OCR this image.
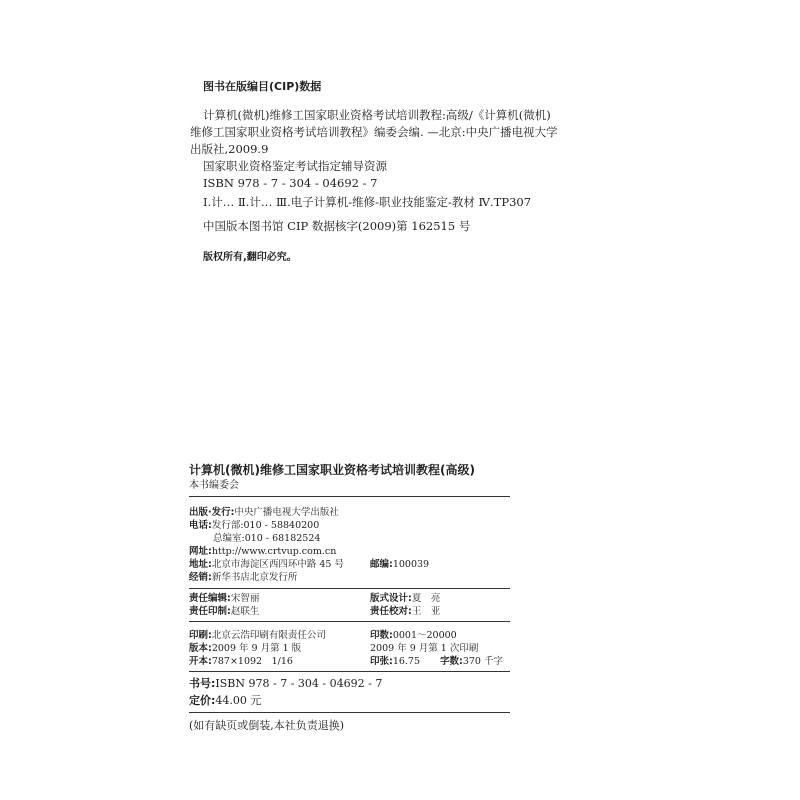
图书在版编目(CIP)数据
计算机(微机)维修工国家职业资格考试培训教程:高级/《计算机(微机)
维修工国家职业资格考试培训教程》编委会编. —北京:中央广播电视大学
出版社,2009.9
国家职业资格鉴定考试指定辅导资源
ISBN 978 - 7 - 304 - 04692 - 7
Ⅰ.计… Ⅱ.计… Ⅲ.电子计算机-维修-职业技能鉴定-教材 Ⅳ.TP307
中国版本图书馆 CIP 数据核字(2009)第 162515 号
版权所有,翻印必究。
计算机(微机)维修工国家职业资格考试培训教程(高级)
本书编委会
出版·发行:中央广播电视大学出版社
电话:发行部:010 - 58840200
总编室:010 - 68182524
网址:http://www.crtvup.com.cn
地址:北京市海淀区西四环中路 45 号	邮编:100039
经销:新华书店北京发行所
责任编辑:宋智丽	版式设计:夏　亮
责任印制:赵联生	责任校对:王　亚
印刷:北京云浩印刷有限责任公司	印数:0001～20000
版本:2009 年 9 月第 1 版	2009 年 9 月第 1 次印刷
开本:787×1092　1/16	印张:16.75 字数:370 千字
书号:ISBN 978 - 7 - 304 - 04692 - 7
定价:44.00 元
(如有缺页或倒装,本社负责退换)
